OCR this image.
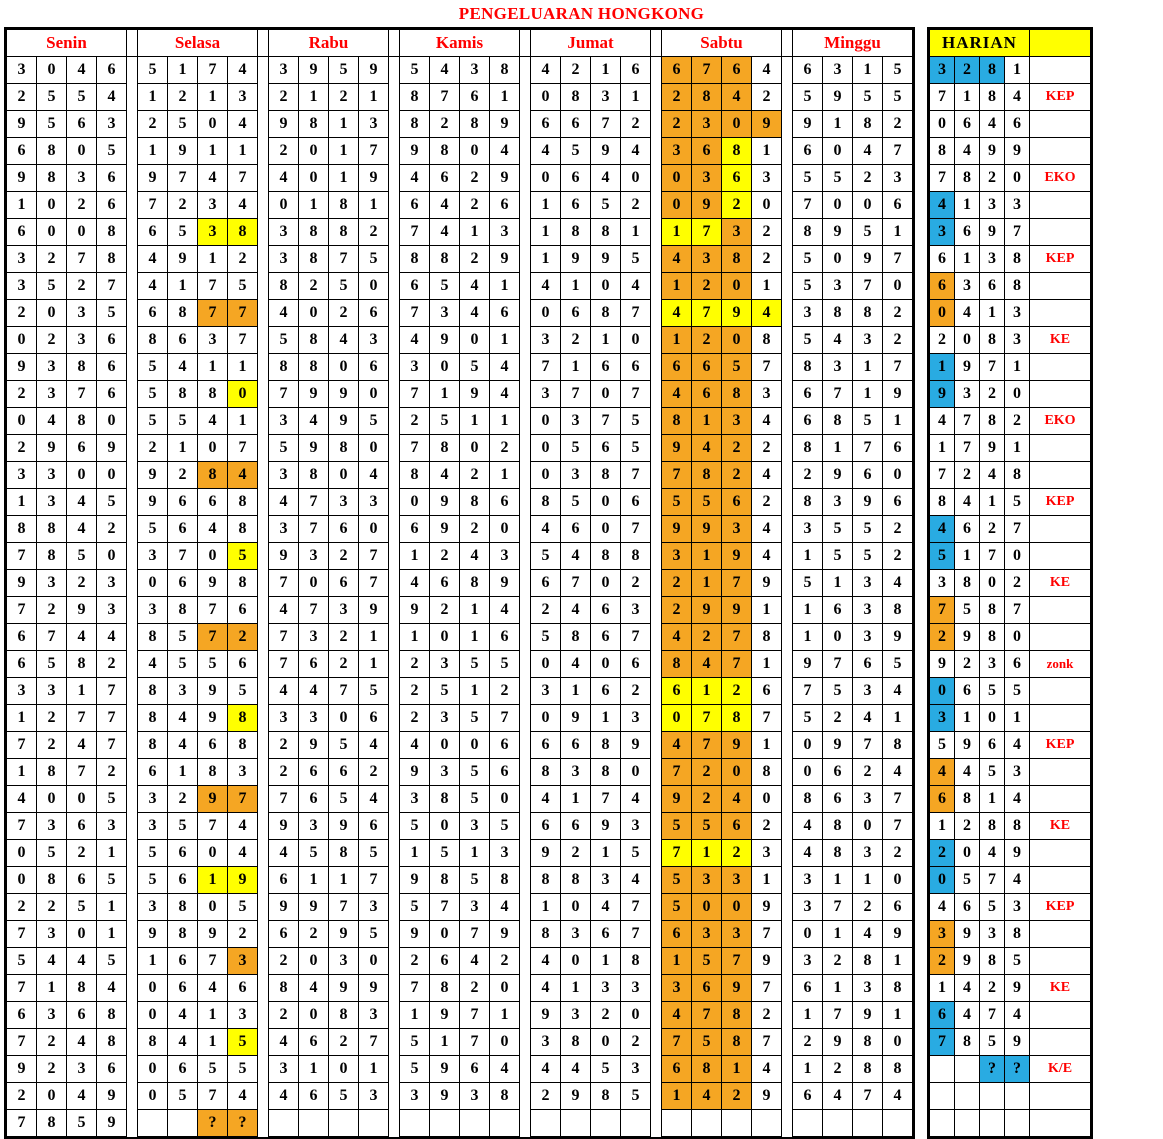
PENGELUARAN HONGKONG
Senin					Selasa					Rabu					Kamis					Jumat					Sabtu					Minggu			
3	0	4	6		5	1	7	4		3	9	5	9		5	4	3	8		4	2	1	6		6	7	6	4		6	3	1	5
2	5	5	4		1	2	1	3		2	1	2	1		8	7	6	1		0	8	3	1		2	8	4	2		5	9	5	5
9	5	6	3		2	5	0	4		9	8	1	3		8	2	8	9		6	6	7	2		2	3	0	9		9	1	8	2
6	8	0	5		1	9	1	1		2	0	1	7		9	8	0	4		4	5	9	4		3	6	8	1		6	0	4	7
9	8	3	6		9	7	4	7		4	0	1	9		4	6	2	9		0	6	4	0		0	3	6	3		5	5	2	3
1	0	2	6		7	2	3	4		0	1	8	1		6	4	2	6		1	6	5	2		0	9	2	0		7	0	0	6
6	0	0	8		6	5	3	8		3	8	8	2		7	4	1	3		1	8	8	1		1	7	3	2		8	9	5	1
3	2	7	8		4	9	1	2		3	8	7	5		8	8	2	9		1	9	9	5		4	3	8	2		5	0	9	7
3	5	2	7		4	1	7	5		8	2	5	0		6	5	4	1		4	1	0	4		1	2	0	1		5	3	7	0
2	0	3	5		6	8	7	7		4	0	2	6		7	3	4	6		0	6	8	7		4	7	9	4		3	8	8	2
0	2	3	6		8	6	3	7		5	8	4	3		4	9	0	1		3	2	1	0		1	2	0	8		5	4	3	2
9	3	8	6		5	4	1	1		8	8	0	6		3	0	5	4		7	1	6	6		6	6	5	7		8	3	1	7
2	3	7	6		5	8	8	0		7	9	9	0		7	1	9	4		3	7	0	7		4	6	8	3		6	7	1	9
0	4	8	0		5	5	4	1		3	4	9	5		2	5	1	1		0	3	7	5		8	1	3	4		6	8	5	1
2	9	6	9		2	1	0	7		5	9	8	0		7	8	0	2		0	5	6	5		9	4	2	2		8	1	7	6
3	3	0	0		9	2	8	4		3	8	0	4		8	4	2	1		0	3	8	7		7	8	2	4		2	9	6	0
1	3	4	5		9	6	6	8		4	7	3	3		0	9	8	6		8	5	0	6		5	5	6	2		8	3	9	6
8	8	4	2		5	6	4	8		3	7	6	0		6	9	2	0		4	6	0	7		9	9	3	4		3	5	5	2
7	8	5	0		3	7	0	5		9	3	2	7		1	2	4	3		5	4	8	8		3	1	9	4		1	5	5	2
9	3	2	3		0	6	9	8		7	0	6	7		4	6	8	9		6	7	0	2		2	1	7	9		5	1	3	4
7	2	9	3		3	8	7	6		4	7	3	9		9	2	1	4		2	4	6	3		2	9	9	1		1	6	3	8
6	7	4	4		8	5	7	2		7	3	2	1		1	0	1	6		5	8	6	7		4	2	7	8		1	0	3	9
6	5	8	2		4	5	5	6		7	6	2	1		2	3	5	5		0	4	0	6		8	4	7	1		9	7	6	5
3	3	1	7		8	3	9	5		4	4	7	5		2	5	1	2		3	1	6	2		6	1	2	6		7	5	3	4
1	2	7	7		8	4	9	8		3	3	0	6		2	3	5	7		0	9	1	3		0	7	8	7		5	2	4	1
7	2	4	7		8	4	6	8		2	9	5	4		4	0	0	6		6	6	8	9		4	7	9	1		0	9	7	8
1	8	7	2		6	1	8	3		2	6	6	2		9	3	5	6		8	3	8	0		7	2	0	8		0	6	2	4
4	0	0	5		3	2	9	7		7	6	5	4		3	8	5	0		4	1	7	4		9	2	4	0		8	6	3	7
7	3	6	3		3	5	7	4		9	3	9	6		5	0	3	5		6	6	9	3		5	5	6	2		4	8	0	7
0	5	2	1		5	6	0	4		4	5	8	5		1	5	1	3		9	2	1	5		7	1	2	3		4	8	3	2
0	8	6	5		5	6	1	9		6	1	1	7		9	8	5	8		8	8	3	4		5	3	3	1		3	1	1	0
2	2	5	1		3	8	0	5		9	9	7	3		5	7	3	4		1	0	4	7		5	0	0	9		3	7	2	6
7	3	0	1		9	8	9	2		6	2	9	5		9	0	7	9		8	3	6	7		6	3	3	7		0	1	4	9
5	4	4	5		1	6	7	3		2	0	3	0		2	6	4	2		4	0	1	8		1	5	7	9		3	2	8	1
7	1	8	4		0	6	4	6		8	4	9	9		7	8	2	0		4	1	3	3		3	6	9	7		6	1	3	8
6	3	6	8		0	4	1	3		2	0	8	3		1	9	7	1		9	3	2	0		4	7	8	2		1	7	9	1
7	2	4	8		8	4	1	5		4	6	2	7		5	1	7	0		3	8	0	2		7	5	8	7		2	9	8	0
9	2	3	6		0	6	5	5		3	1	0	1		5	9	6	4		4	4	5	3		6	8	1	4		1	2	8	8
2	0	4	9		0	5	7	4		4	6	5	3		3	9	3	8		2	9	8	5		1	4	2	9		6	4	7	4
7	8	5	9				?	?																									
HARIAN				
3	2	8	1	
7	1	8	4	KEP
0	6	4	6	
8	4	9	9	
7	8	2	0	EKO
4	1	3	3	
3	6	9	7	
6	1	3	8	KEP
6	3	6	8	
0	4	1	3	
2	0	8	3	KE
1	9	7	1	
9	3	2	0	
4	7	8	2	EKO
1	7	9	1	
7	2	4	8	
8	4	1	5	KEP
4	6	2	7	
5	1	7	0	
3	8	0	2	KE
7	5	8	7	
2	9	8	0	
9	2	3	6	zonk
0	6	5	5	
3	1	0	1	
5	9	6	4	KEP
4	4	5	3	
6	8	1	4	
1	2	8	8	KE
2	0	4	9	
0	5	7	4	
4	6	5	3	KEP
3	9	3	8	
2	9	8	5	
1	4	2	9	KE
6	4	7	4	
7	8	5	9	
		?	?	K/E
